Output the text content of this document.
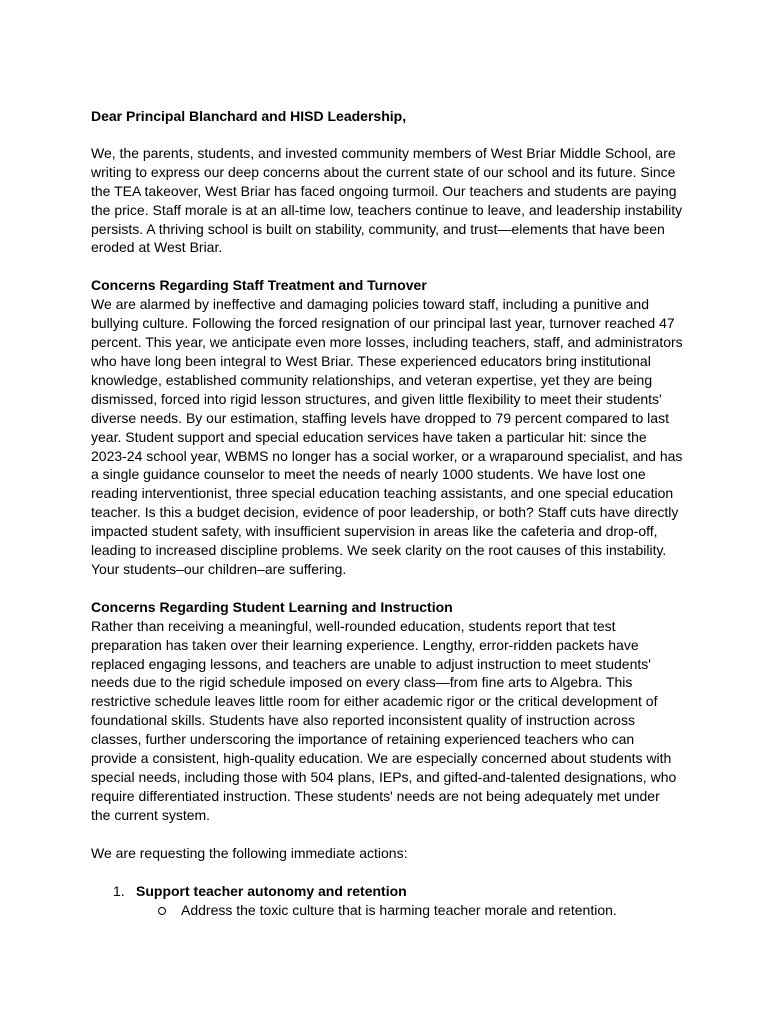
Dear Principal Blanchard and HISD Leadership,

We, the parents, students, and invested community members of West Briar Middle School, are writing to express our deep concerns about the current state of our school and its future. Since the TEA takeover, West Briar has faced ongoing turmoil. Our teachers and students are paying the price. Staff morale is at an all-time low, teachers continue to leave, and leadership instability persists. A thriving school is built on stability, community, and trust—elements that have been eroded at West Briar.

Concerns Regarding Staff Treatment and Turnover

We are alarmed by ineffective and damaging policies toward staff, including a punitive and bullying culture. Following the forced resignation of our principal last year, turnover reached 47 percent. This year, we anticipate even more losses, including teachers, staff, and administrators who have long been integral to West Briar. These experienced educators bring institutional knowledge, established community relationships, and veteran expertise, yet they are being dismissed, forced into rigid lesson structures, and given little flexibility to meet their students' diverse needs. By our estimation, staffing levels have dropped to 79 percent compared to last year. Student support and special education services have taken a particular hit: since the 2023-24 school year, WBMS no longer has a social worker, or a wraparound specialist, and has a single guidance counselor to meet the needs of nearly 1000 students. We have lost one reading interventionist, three special education teaching assistants, and one special education teacher. Is this a budget decision, evidence of poor leadership, or both? Staff cuts have directly impacted student safety, with insufficient supervision in areas like the cafeteria and drop-off, leading to increased discipline problems. We seek clarity on the root causes of this instability. Your students–our children–are suffering.

Concerns Regarding Student Learning and Instruction

Rather than receiving a meaningful, well-rounded education, students report that test preparation has taken over their learning experience. Lengthy, error-ridden packets have replaced engaging lessons, and teachers are unable to adjust instruction to meet students' needs due to the rigid schedule imposed on every class—from fine arts to Algebra. This restrictive schedule leaves little room for either academic rigor or the critical development of foundational skills. Students have also reported inconsistent quality of instruction across classes, further underscoring the importance of retaining experienced teachers who can provide a consistent, high-quality education. We are especially concerned about students with special needs, including those with 504 plans, IEPs, and gifted-and-talented designations, who require differentiated instruction. These students' needs are not being adequately met under the current system.

We are requesting the following immediate actions:

1. Support teacher autonomy and retention
Address the toxic culture that is harming teacher morale and retention.
